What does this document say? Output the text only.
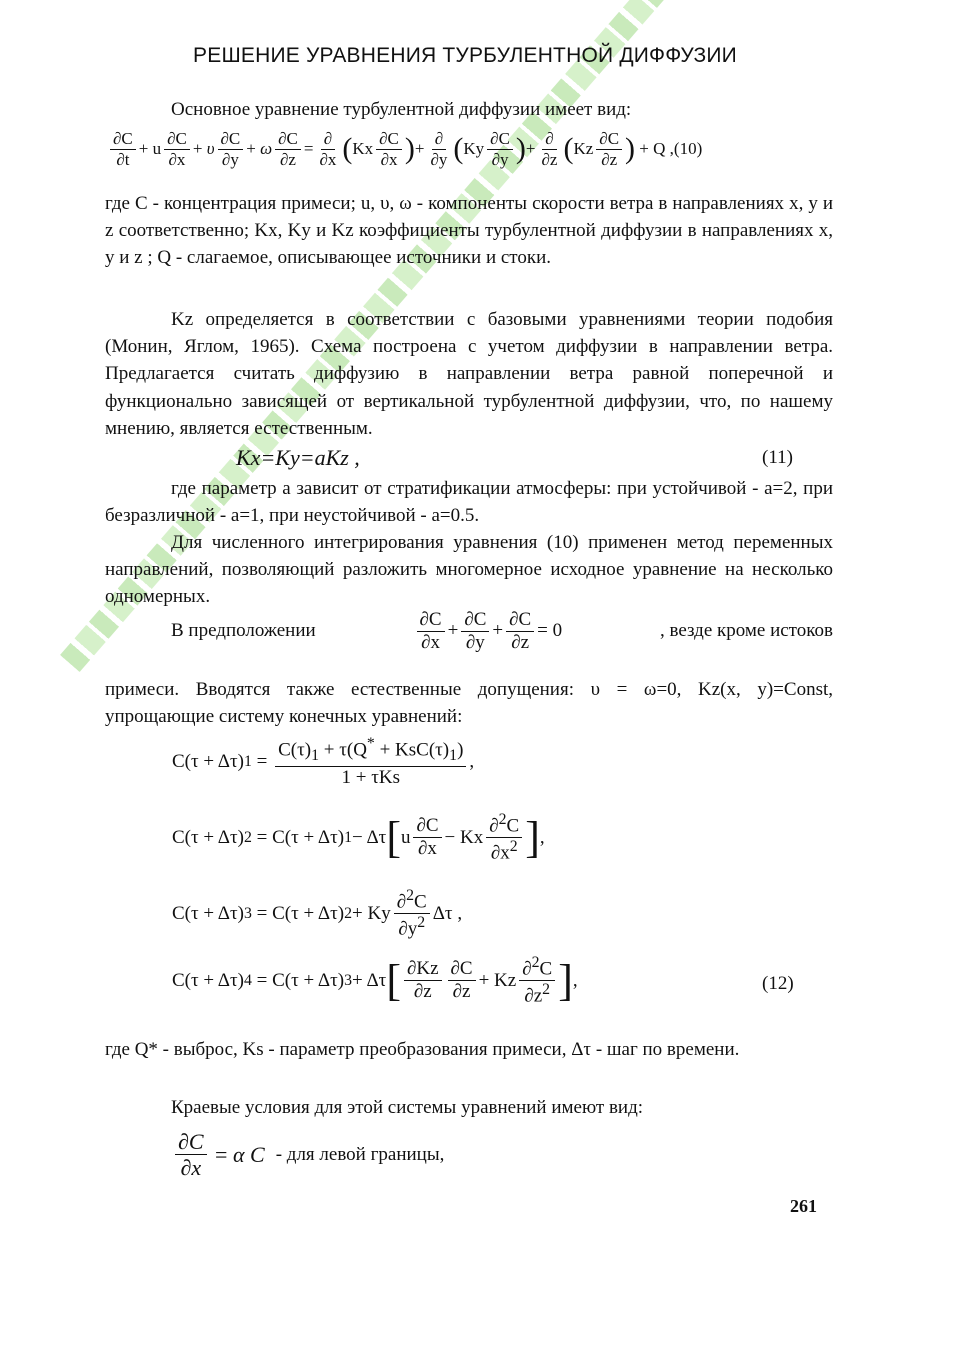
РЕШЕНИЕ УРАВНЕНИЯ ТУРБУЛЕНТНОЙ ДИФФУЗИИ
Основное уравнение турбулентной диффузии имеет вид:
$\frac{\partial C}{\partial t} + u \frac{\partial C}{\partial x} + \upsilon \frac{\partial C}{\partial y} + \omega \frac{\partial C}{\partial z} = \frac{\partial}{\partial x}$ ( Kx $\frac{\partial C}{\partial x}$ ) + $\frac{\partial}{\partial y}$ ( Ky $\frac{\partial C}{\partial y}$ ) + $\frac{\partial}{\partial z}$ ( Kz $\frac{\partial C}{\partial z}$ ) + Q ,(10)
где С - концентрация примеси; u, υ, ω - компоненты скорости ветра в направлениях x, y и z соответственно; Kx, Ky и Kz коэффициенты турбулентной диффузии в направлениях x, y и z ; Q - слагаемое, описывающее источники и стоки.
Kz определяется в соответствии с базовыми уравнениями теории подобия (Монин, Яглом, 1965). Схема построена с учетом диффузии в направлении ветра. Предлагается считать диффузию в направлении ветра равной поперечной и функционально зависящей от вертикальной турбулентной диффузии, что, по нашему мнению, является естественным.
Kx=Ky=aKz ,	(11)
где параметр a зависит от стратификации атмосферы: при устойчивой - a=2, при безразличной - a=1, при неустойчивой - a=0.5.
Для численного интегрирования уравнения (10) применен метод переменных направлений, позволяющий разложить многомерное исходное уравнение на несколько одномерных.
В предположении	$\frac{\partial C}{\partial x} + \frac{\partial C}{\partial y} + \frac{\partial C}{\partial z} = 0$	, везде кроме истоков
примеси. Вводятся также естественные допущения: υ = ω=0, Kz(x, y)=Const, упрощающие систему конечных уравнений:
C(τ + Δτ) $1 = \frac{C(\tau)_1 + \tau(Q^* + KsC(\tau)_1)}{\text{1 + τKs}}$ ,
C(τ + Δτ) 2 = C(τ + Δτ) 1 − Δτ [ u $\frac{\partial C}{\partial x} - Kx \frac{\partial^2C}{\partial x^2}$ ] ,
C(τ + Δτ) 3 = C(τ + Δτ) 2 + Ky $\frac{\partial^2C}{\partial y^2}$ Δτ ,
C(τ + Δτ) 4 = C(τ + Δτ) 3 + Δτ [ $\frac{\partial Kz}{\partial z} \frac{\partial C}{\partial z} + Kz \frac{\partial^2C}{\partial z^2}$ ] ,	(12)
где Q* - выброс, Ks - параметр преобразования примеси, Δτ - шаг по времени.
Краевые условия для этой системы уравнений имеют вид:
$\frac{\partial C}{\partial x} = \alpha$ C - для левой границы,
261
